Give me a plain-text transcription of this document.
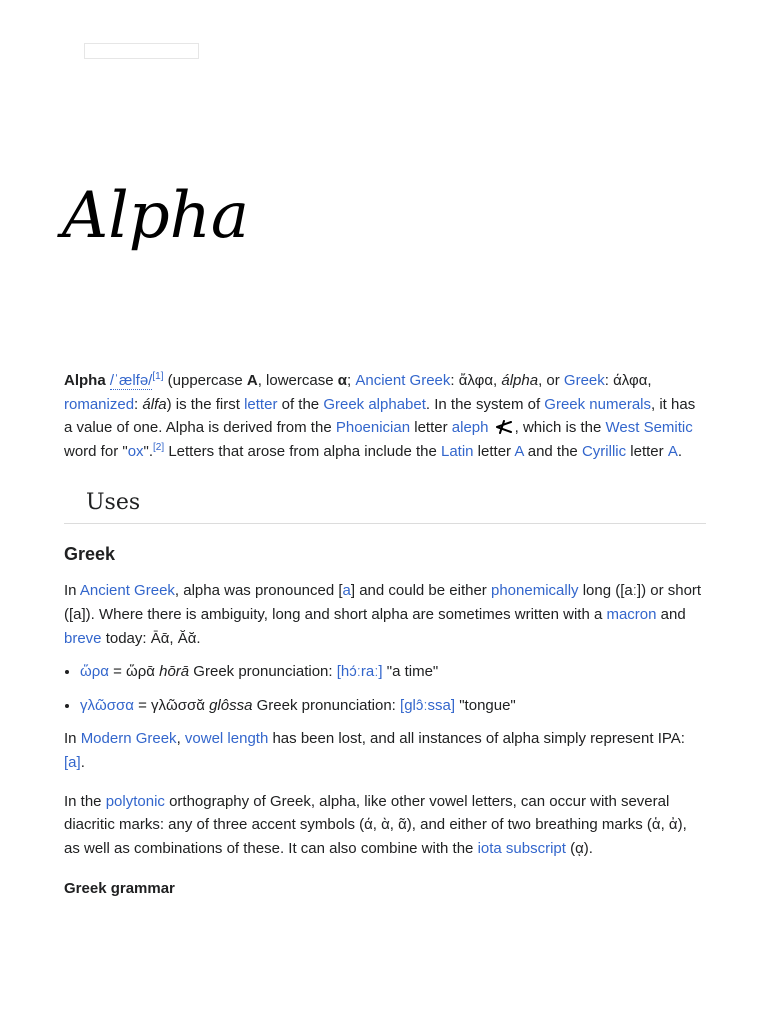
Alpha

Alpha /ˈælfə/[1] (uppercase Α, lowercase α; Ancient Greek: ἄλφα, álpha, or Greek: άλφα, romanized: álfa) is the first letter of the Greek alphabet. In the system of Greek numerals, it has a value of one. Alpha is derived from the Phoenician letter aleph , which is the West Semitic word for "ox".[2] Letters that arose from alpha include the Latin letter A and the Cyrillic letter А.

Uses
Greek

In Ancient Greek, alpha was pronounced [a] and could be either phonemically long ([aː]) or short ([a]). Where there is ambiguity, long and short alpha are sometimes written with a macron and breve today: Ᾱᾱ, Ᾰᾰ.

• ὥρα = ὥρᾱ hōrā Greek pronunciation: [hɔ́ːraː] "a time"
• γλῶσσα = γλῶσσᾰ glôssa Greek pronunciation: [ɡlɔ̂ːssa] "tongue"

In Modern Greek, vowel length has been lost, and all instances of alpha simply represent IPA: [a].

In the polytonic orthography of Greek, alpha, like other vowel letters, can occur with several diacritic marks: any of three accent symbols (ά, ὰ, ᾶ), and either of two breathing marks (ἁ, ἀ), as well as combinations of these. It can also combine with the iota subscript (ᾳ).

Greek grammar
